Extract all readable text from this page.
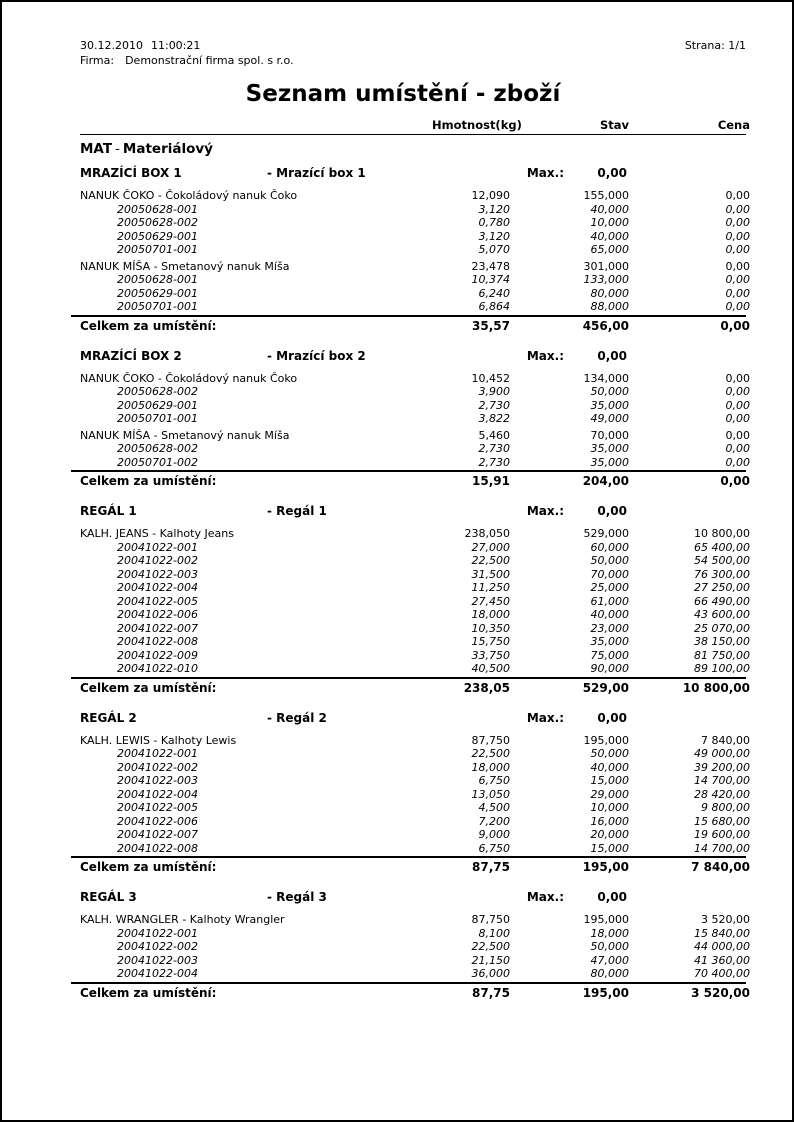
30.12.2010 11:00:21
Firma: Demonstrační firma spol. s r.o.
Strana: 1/1
Seznam umístění - zboží
Hmotnost(kg)	Stav	Cena
MAT - Materiálový
MRAZÍCÍ BOX 1	- Mrazící box 1	Max.:	0,00
NANUK ČOKO - Čokoládový nanuk Čoko	12,090	155,000	0,00
20050628-001	3,120	40,000	0,00
20050628-002	0,780	10,000	0,00
20050629-001	3,120	40,000	0,00
20050701-001	5,070	65,000	0,00
NANUK MÍŠA - Smetanový nanuk Míša	23,478	301,000	0,00
20050628-001	10,374	133,000	0,00
20050629-001	6,240	80,000	0,00
20050701-001	6,864	88,000	0,00
Celkem za umístění:	35,57	456,00	0,00
MRAZÍCÍ BOX 2	- Mrazící box 2	Max.:	0,00
NANUK ČOKO - Čokoládový nanuk Čoko	10,452	134,000	0,00
20050628-002	3,900	50,000	0,00
20050629-001	2,730	35,000	0,00
20050701-001	3,822	49,000	0,00
NANUK MÍŠA - Smetanový nanuk Míša	5,460	70,000	0,00
20050628-002	2,730	35,000	0,00
20050701-002	2,730	35,000	0,00
Celkem za umístění:	15,91	204,00	0,00
REGÁL 1	- Regál 1	Max.:	0,00
KALH. JEANS - Kalhoty Jeans	238,050	529,000	10 800,00
20041022-001	27,000	60,000	65 400,00
20041022-002	22,500	50,000	54 500,00
20041022-003	31,500	70,000	76 300,00
20041022-004	11,250	25,000	27 250,00
20041022-005	27,450	61,000	66 490,00
20041022-006	18,000	40,000	43 600,00
20041022-007	10,350	23,000	25 070,00
20041022-008	15,750	35,000	38 150,00
20041022-009	33,750	75,000	81 750,00
20041022-010	40,500	90,000	89 100,00
Celkem za umístění:	238,05	529,00	10 800,00
REGÁL 2	- Regál 2	Max.:	0,00
KALH. LEWIS - Kalhoty Lewis	87,750	195,000	7 840,00
20041022-001	22,500	50,000	49 000,00
20041022-002	18,000	40,000	39 200,00
20041022-003	6,750	15,000	14 700,00
20041022-004	13,050	29,000	28 420,00
20041022-005	4,500	10,000	9 800,00
20041022-006	7,200	16,000	15 680,00
20041022-007	9,000	20,000	19 600,00
20041022-008	6,750	15,000	14 700,00
Celkem za umístění:	87,75	195,00	7 840,00
REGÁL 3	- Regál 3	Max.:	0,00
KALH. WRANGLER - Kalhoty Wrangler	87,750	195,000	3 520,00
20041022-001	8,100	18,000	15 840,00
20041022-002	22,500	50,000	44 000,00
20041022-003	21,150	47,000	41 360,00
20041022-004	36,000	80,000	70 400,00
Celkem za umístění:	87,75	195,00	3 520,00
